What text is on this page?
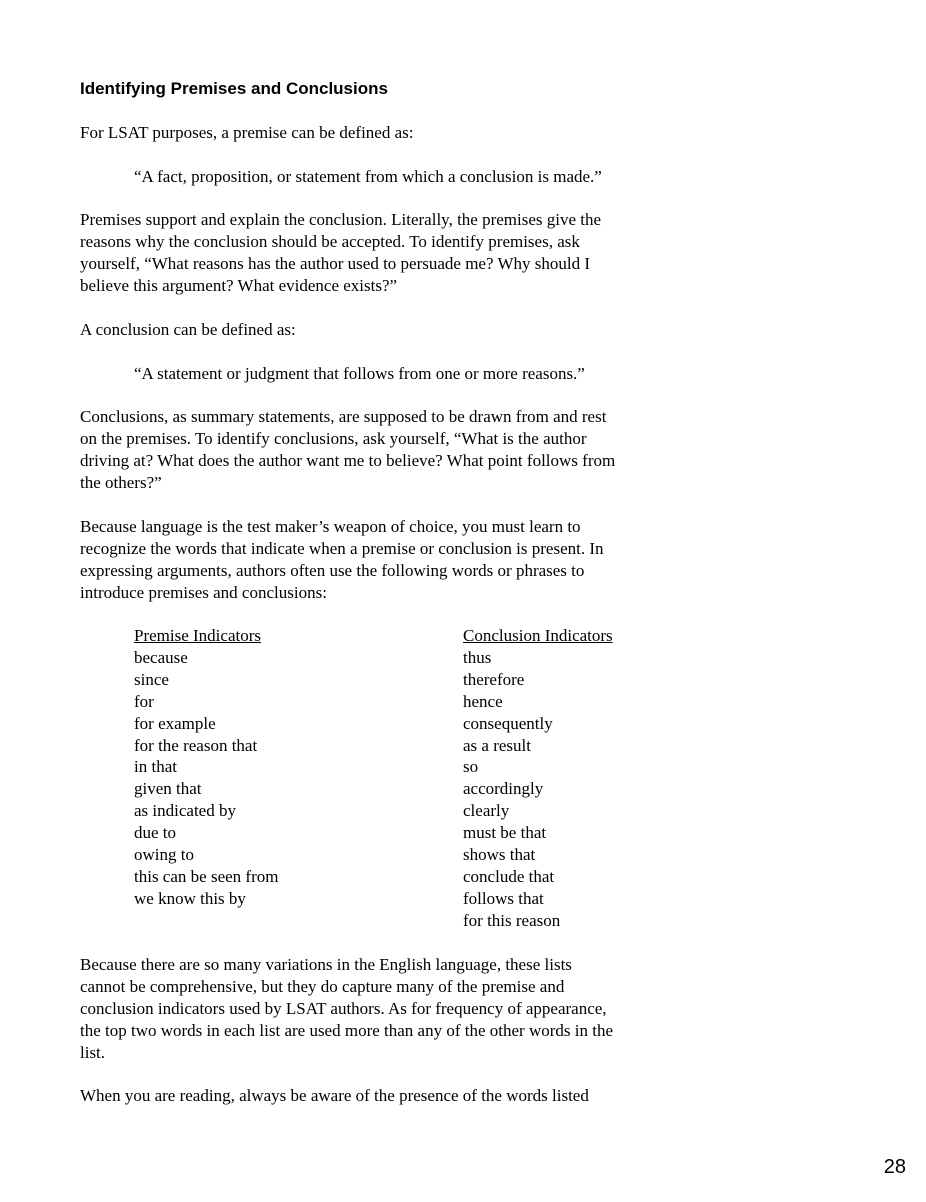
Identifying Premises and Conclusions

For LSAT purposes, a premise can be defined as:

“A fact, proposition, or statement from which a conclusion is made.”

Premises support and explain the conclusion. Literally, the premises give the
reasons why the conclusion should be accepted. To identify premises, ask
yourself, “What reasons has the author used to persuade me? Why should I
believe this argument? What evidence exists?”

A conclusion can be defined as:

“A statement or judgment that follows from one or more reasons.”

Conclusions, as summary statements, are supposed to be drawn from and rest
on the premises. To identify conclusions, ask yourself, “What is the author
driving at? What does the author want me to believe? What point follows from
the others?”

Because language is the test maker’s weapon of choice, you must learn to
recognize the words that indicate when a premise or conclusion is present. In
expressing arguments, authors often use the following words or phrases to
introduce premises and conclusions:

Premise Indicators
because
since
for
for example
for the reason that
in that
given that
as indicated by
due to
owing to
this can be seen from
we know this by
Conclusion Indicators
thus
therefore
hence
consequently
as a result
so
accordingly
clearly
must be that
shows that
conclude that
follows that
for this reason

Because there are so many variations in the English language, these lists
cannot be comprehensive, but they do capture many of the premise and
conclusion indicators used by LSAT authors. As for frequency of appearance,
the top two words in each list are used more than any of the other words in the
list.

When you are reading, always be aware of the presence of the words listed

28
